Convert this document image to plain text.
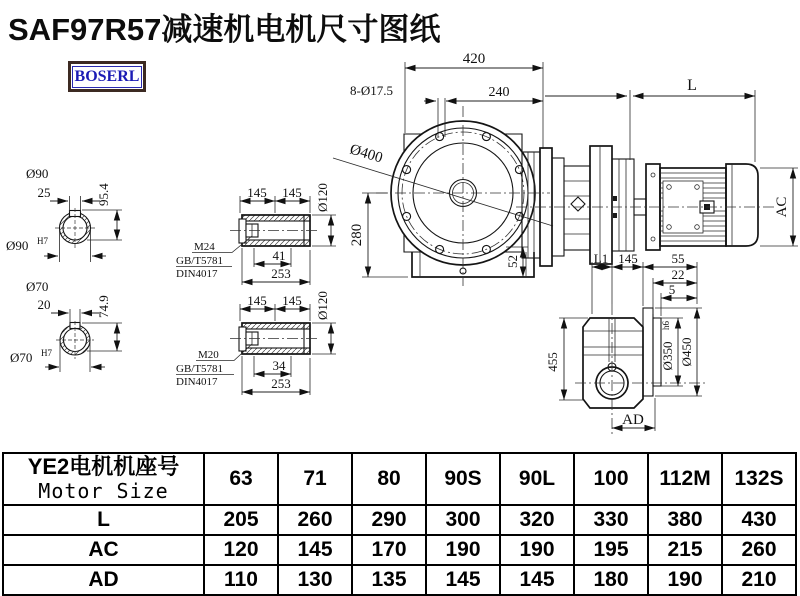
SAF97R57减速机电机尺寸图纸
BOSERL
Ø90
25	95.4
Ø90 H7
Ø70
20	74.9
Ø70 H7
145 145 Ø120
M24
GB/T5781
DIN4017
41
253
145 145 Ø120
M20
GB/T5781
DIN4017
34
253
420
8-Ø17.5	240
Ø400
280
52
L
AC
L1 145	55
22
5
Ø350
h6
Ø450
455
AD
YE2电机机座号
Motor Size	63	71	80	90S	90L	100	112M	132S
L	205	260	290	300	320	330	380	430
AC	120	145	170	190	190	195	215	260
AD	110	130	135	145	145	180	190	210
